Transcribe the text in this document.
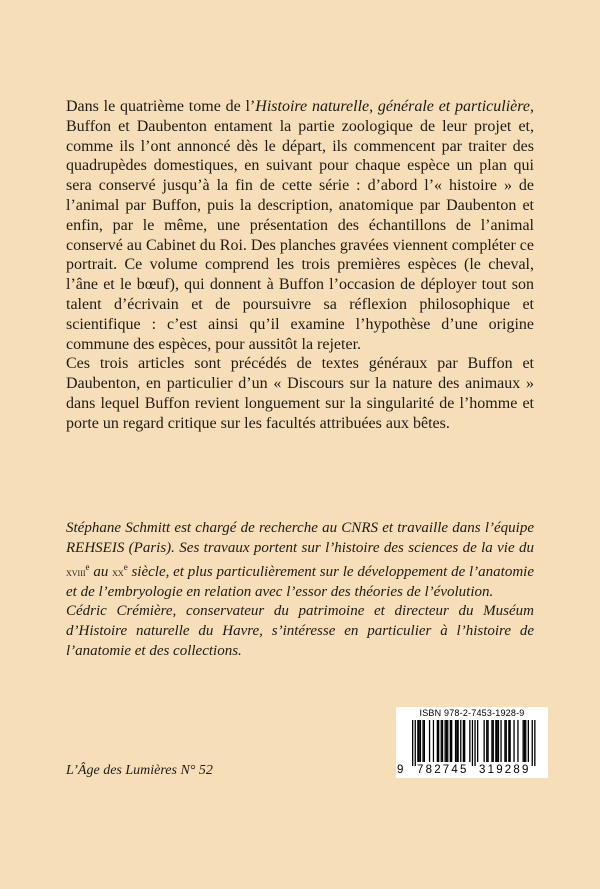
Dans le quatrième tome de l’Histoire naturelle, générale et particulière, Buffon et Daubenton entament la partie zoologique de leur projet et, comme ils l’ont annoncé dès le départ, ils commencent par traiter des quadrupèdes domestiques, en suivant pour chaque espèce un plan qui sera conservé jusqu’à la fin de cette série : d’abord l’« histoire » de l’animal par Buffon, puis la description, anatomique par Daubenton et enfin, par le même, une présentation des échantillons de l’animal conservé au Cabinet du Roi. Des planches gravées viennent compléter ce portrait. Ce volume comprend les trois premières espèces (le cheval, l’âne et le bœuf), qui donnent à Buffon l’occasion de déployer tout son talent d’écrivain et de poursuivre sa réflexion philosophique et scientifique : c’est ainsi qu’il examine l’hypothèse d’une origine commune des espèces, pour aussitôt la rejeter.

Ces trois articles sont précédés de textes généraux par Buffon et Daubenton, en particulier d’un « Discours sur la nature des animaux » dans lequel Buffon revient longuement sur la singularité de l’homme et porte un regard critique sur les facultés attribuées aux bêtes.

Stéphane Schmitt est chargé de recherche au CNRS et travaille dans l’équipe REHSEIS (Paris). Ses travaux portent sur l’histoire des sciences de la vie du xviii$^e$ au $xx^e$ siècle, et plus particulièrement sur le développement de l’anatomie et de l’embryologie en relation avec l’essor des théories de l’évolution.

Cédric Crémière, conservateur du patrimoine et directeur du Muséum d’Histoire naturelle du Havre, s’intéresse en particulier à l’histoire de l’anatomie et des collections.

ISBN 978-2-7453-1928-9
9 782745 319289
L’Âge des Lumières N° 52
